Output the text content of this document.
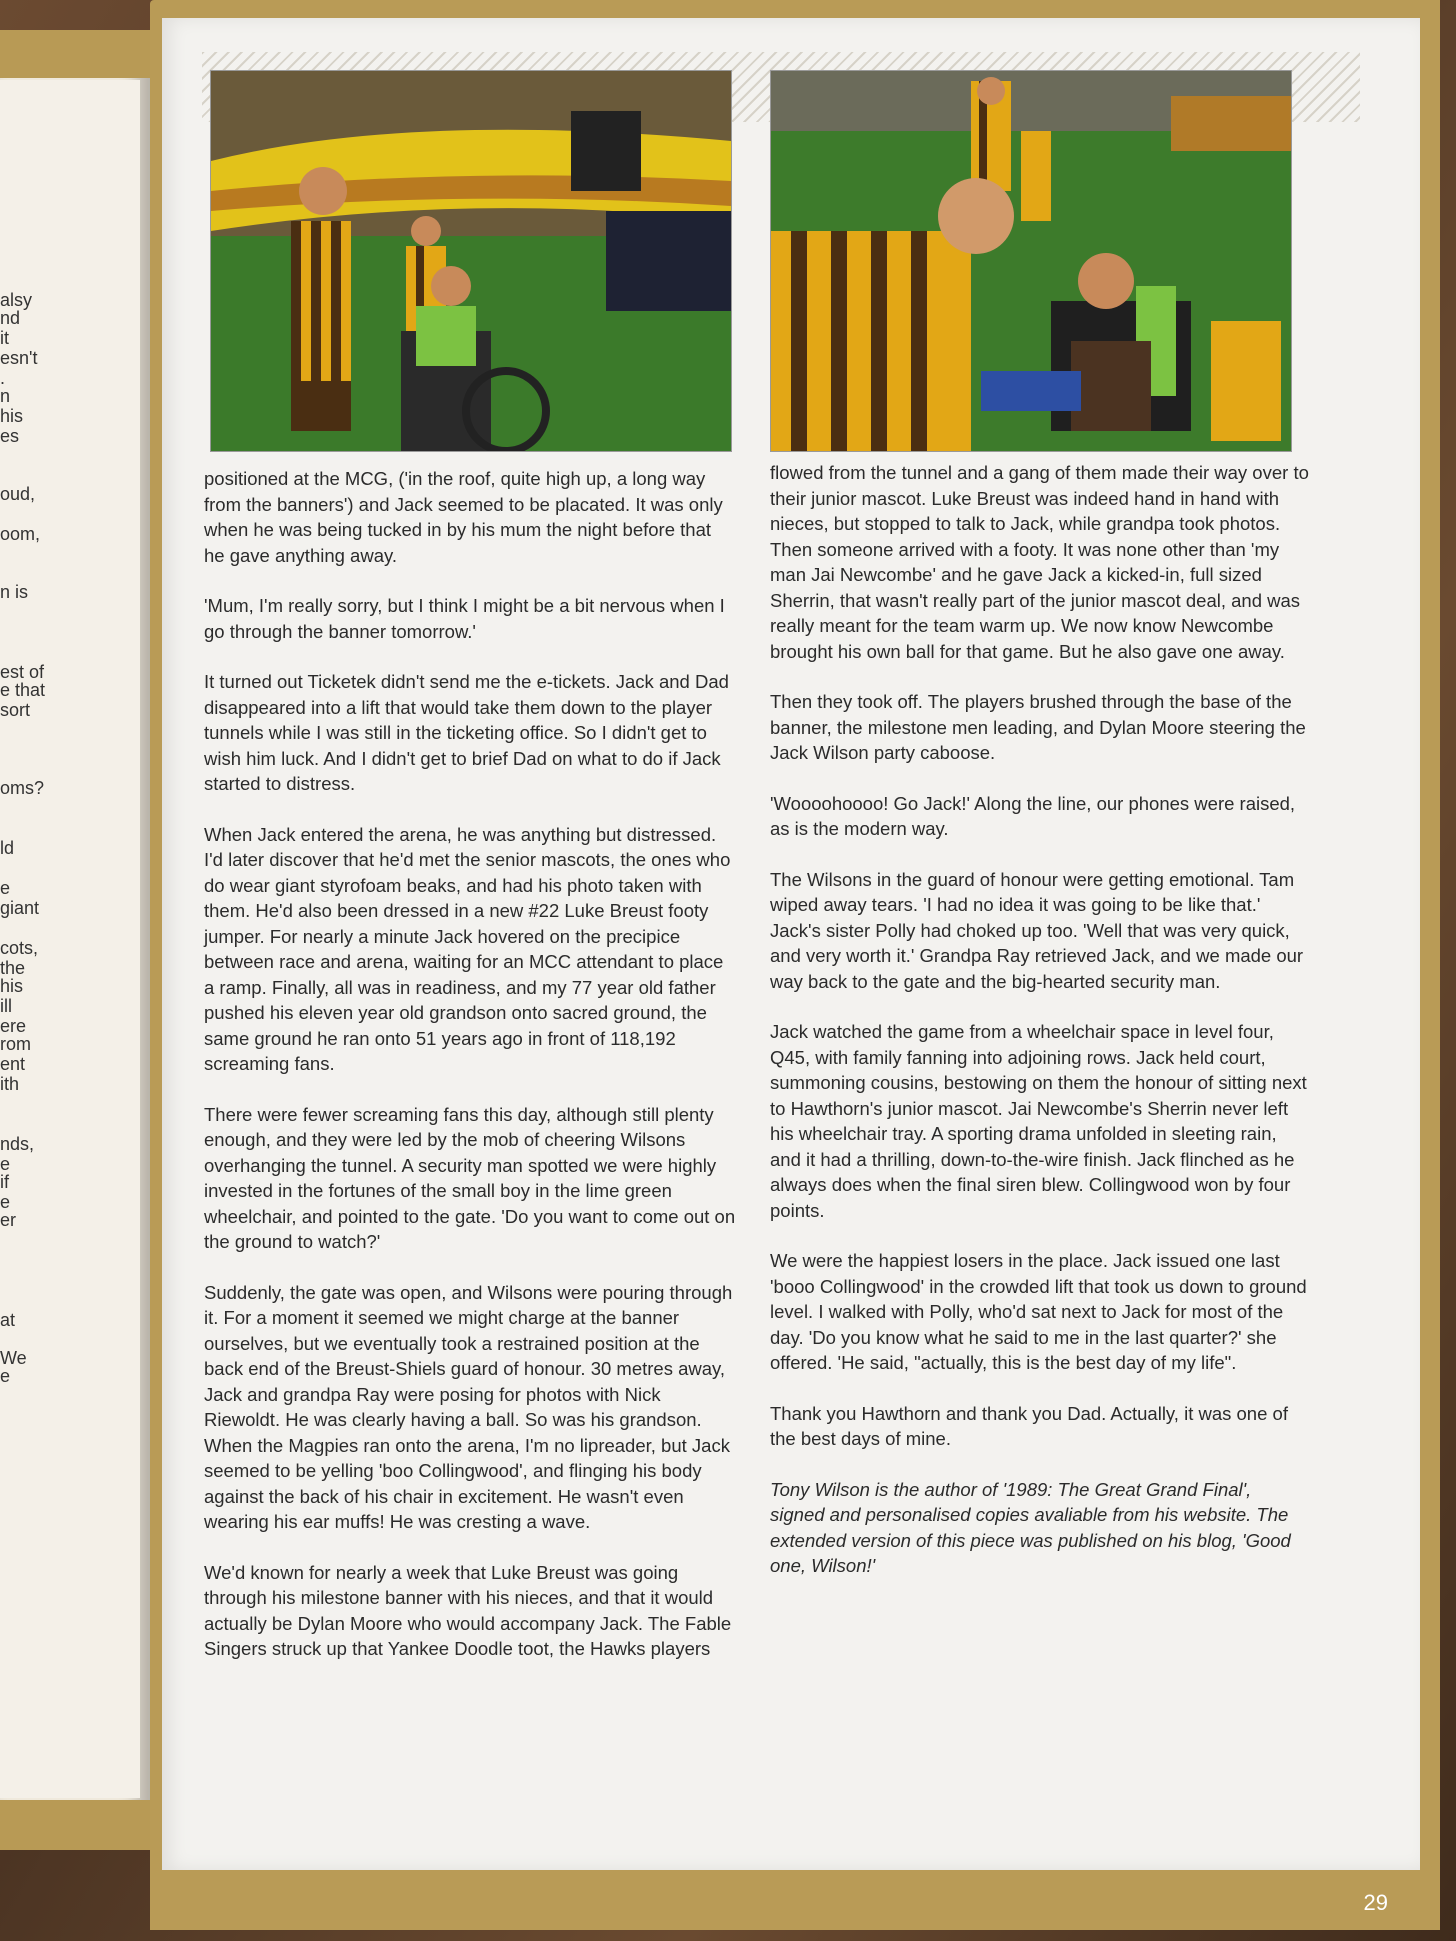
alsy
nd
it
esn't
.
n
his
es
oud,
oom,
n is
est of
e that
sort
oms?
ld
e
giant
cots,
the
his
ill
ere
rom
ent
ith
nds,
e
if
e
er
at
We
e

positioned at the MCG, ('in the roof, quite high up, a long way from the banners') and Jack seemed to be placated. It was only when he was being tucked in by his mum the night before that he gave anything away.

'Mum, I'm really sorry, but I think I might be a bit nervous when I go through the banner tomorrow.'

It turned out Ticketek didn't send me the e-tickets. Jack and Dad disappeared into a lift that would take them down to the player tunnels while I was still in the ticketing office. So I didn't get to wish him luck. And I didn't get to brief Dad on what to do if Jack started to distress.

When Jack entered the arena, he was anything but distressed. I'd later discover that he'd met the senior mascots, the ones who do wear giant styrofoam beaks, and had his photo taken with them. He'd also been dressed in a new #22 Luke Breust footy jumper. For nearly a minute Jack hovered on the precipice between race and arena, waiting for an MCC attendant to place a ramp. Finally, all was in readiness, and my 77 year old father pushed his eleven year old grandson onto sacred ground, the same ground he ran onto 51 years ago in front of 118,192 screaming fans.

There were fewer screaming fans this day, although still plenty enough, and they were led by the mob of cheering Wilsons overhanging the tunnel. A security man spotted we were highly invested in the fortunes of the small boy in the lime green wheelchair, and pointed to the gate. 'Do you want to come out on the ground to watch?'

Suddenly, the gate was open, and Wilsons were pouring through it. For a moment it seemed we might charge at the banner ourselves, but we eventually took a restrained position at the back end of the Breust-Shiels guard of honour. 30 metres away, Jack and grandpa Ray were posing for photos with Nick Riewoldt. He was clearly having a ball. So was his grandson. When the Magpies ran onto the arena, I'm no lipreader, but Jack seemed to be yelling 'boo Collingwood', and flinging his body against the back of his chair in excitement. He wasn't even wearing his ear muffs! He was cresting a wave.

We'd known for nearly a week that Luke Breust was going through his milestone banner with his nieces, and that it would actually be Dylan Moore who would accompany Jack. The Fable Singers struck up that Yankee Doodle toot, the Hawks players

flowed from the tunnel and a gang of them made their way over to their junior mascot. Luke Breust was indeed hand in hand with nieces, but stopped to talk to Jack, while grandpa took photos. Then someone arrived with a footy. It was none other than 'my man Jai Newcombe' and he gave Jack a kicked-in, full sized Sherrin, that wasn't really part of the junior mascot deal, and was really meant for the team warm up. We now know Newcombe brought his own ball for that game. But he also gave one away.

Then they took off. The players brushed through the base of the banner, the milestone men leading, and Dylan Moore steering the Jack Wilson party caboose.

'Woooohoooo! Go Jack!' Along the line, our phones were raised, as is the modern way.

The Wilsons in the guard of honour were getting emotional. Tam wiped away tears. 'I had no idea it was going to be like that.' Jack's sister Polly had choked up too. 'Well that was very quick, and very worth it.' Grandpa Ray retrieved Jack, and we made our way back to the gate and the big-hearted security man.

Jack watched the game from a wheelchair space in level four, Q45, with family fanning into adjoining rows. Jack held court, summoning cousins, bestowing on them the honour of sitting next to Hawthorn's junior mascot. Jai Newcombe's Sherrin never left his wheelchair tray. A sporting drama unfolded in sleeting rain, and it had a thrilling, down-to-the-wire finish. Jack flinched as he always does when the final siren blew. Collingwood won by four points.

We were the happiest losers in the place. Jack issued one last 'booo Collingwood' in the crowded lift that took us down to ground level. I walked with Polly, who'd sat next to Jack for most of the day. 'Do you know what he said to me in the last quarter?' she offered. 'He said, "actually, this is the best day of my life".

Thank you Hawthorn and thank you Dad. Actually, it was one of the best days of mine.

Tony Wilson is the author of '1989: The Great Grand Final', signed and personalised copies avaliable from his website. The extended version of this piece was published on his blog, 'Good one, Wilson!'

29
